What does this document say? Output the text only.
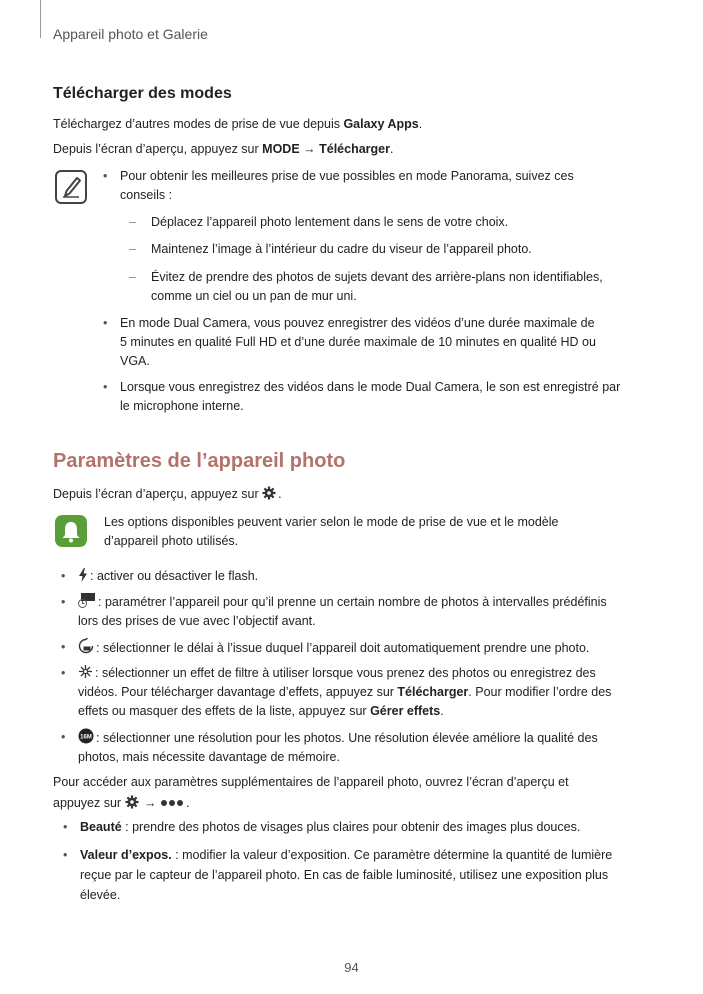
Appareil photo et Galerie
Télécharger des modes
Téléchargez d’autres modes de prise de vue depuis Galaxy Apps.
Depuis l’écran d’aperçu, appuyez sur MODE → Télécharger.
• Pour obtenir les meilleures prise de vue possibles en mode Panorama, suivez ces
conseils :
– Déplacez l’appareil photo lentement dans le sens de votre choix.
– Maintenez l’image à l’intérieur du cadre du viseur de l’appareil photo.
– Évitez de prendre des photos de sujets devant des arrière-plans non identifiables,
comme un ciel ou un pan de mur uni.
• En mode Dual Camera, vous pouvez enregistrer des vidéos d’une durée maximale de
5 minutes en qualité Full HD et d’une durée maximale de 10 minutes en qualité HD ou
VGA.
• Lorsque vous enregistrez des vidéos dans le mode Dual Camera, le son est enregistré par
le microphone interne.
Paramètres de l’appareil photo
Depuis l’écran d’aperçu, appuyez sur .
Les options disponibles peuvent varier selon le mode de prise de vue et le modèle
d’appareil photo utilisés.
• : activer ou désactiver le flash.
•	: paramétrer l’appareil pour qu’il prenne un certain nombre de photos à intervalles prédéfinis
lors des prises de vue avec l’objectif avant.
• : sélectionner le délai à l’issue duquel l’appareil doit automatiquement prendre une photo.
• : sélectionner un effet de filtre à utiliser lorsque vous prenez des photos ou enregistrez des
vidéos. Pour télécharger davantage d’effets, appuyez sur Télécharger. Pour modifier l’ordre des
effets ou masquer des effets de la liste, appuyez sur Gérer effets.
• 16M : sélectionner une résolution pour les photos. Une résolution élevée améliore la qualité des
photos, mais nécessite davantage de mémoire.
Pour accéder aux paramètres supplémentaires de l’appareil photo, ouvrez l’écran d’aperçu et
appuyez sur  → .
• Beauté : prendre des photos de visages plus claires pour obtenir des images plus douces.
• Valeur d’expos. : modifier la valeur d’exposition. Ce paramètre détermine la quantité de lumière
reçue par le capteur de l’appareil photo. En cas de faible luminosité, utilisez une exposition plus
élevée.
94
